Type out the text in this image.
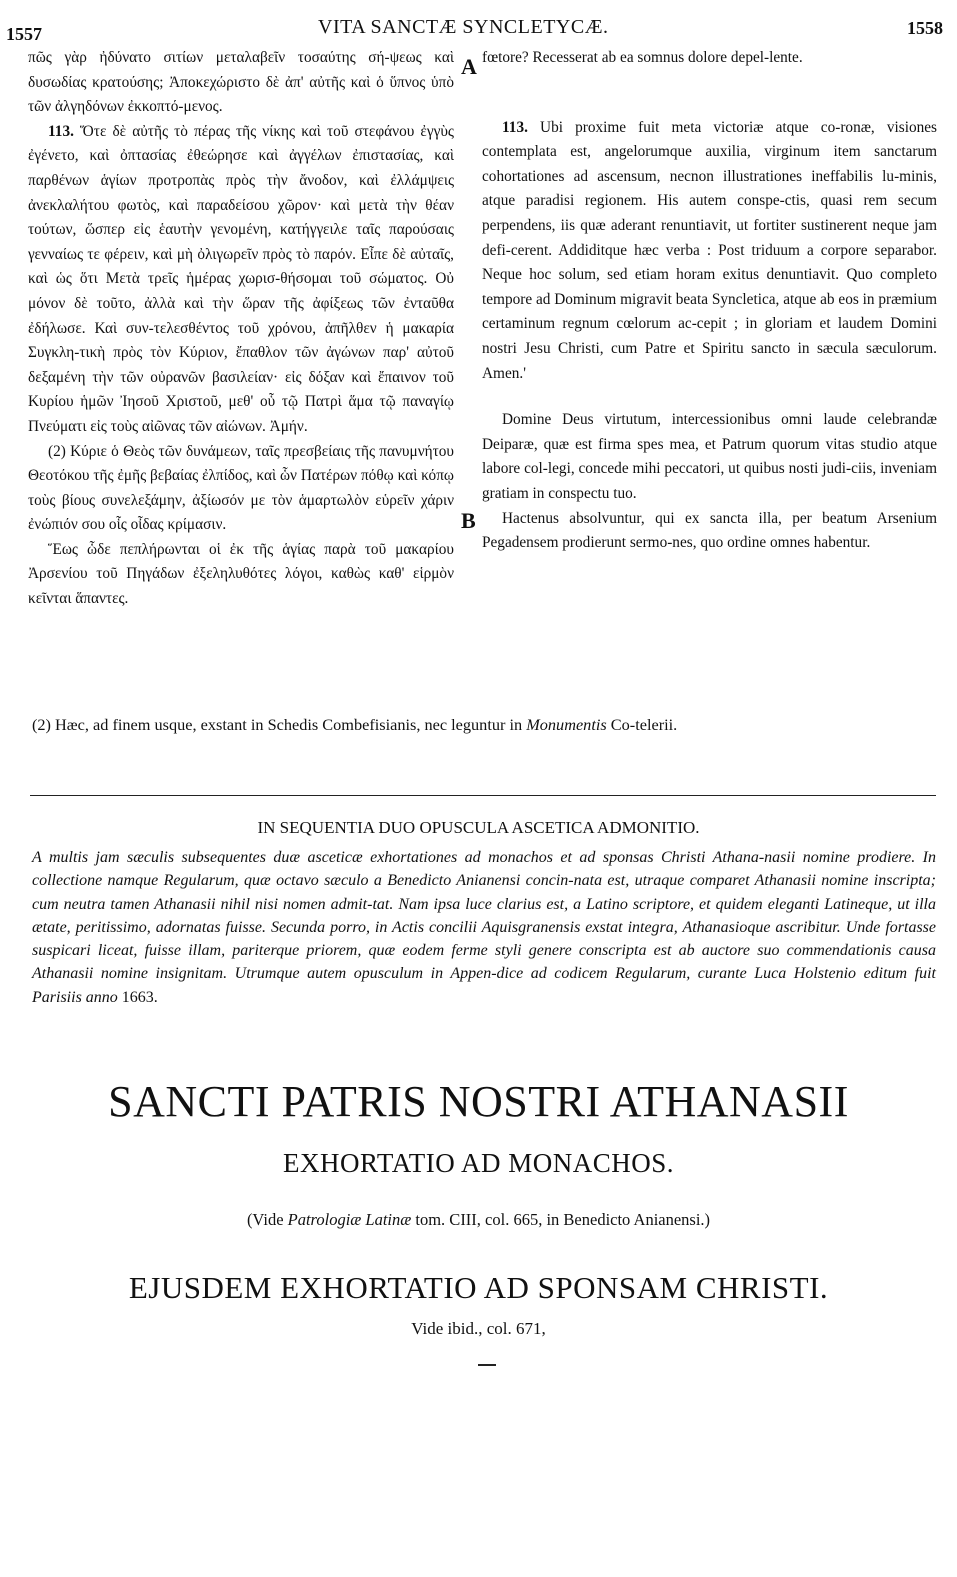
1557	VITA SANCTÆ SYNCLETYCÆ.	1558
A
B

πῶς γὰρ ἠδύνατο σιτίων μεταλαβεῖν τοσαύτης σή-ψεως καὶ δυσωδίας κρατούσης; Ἀποκεχώριστο δὲ ἀπ' αὐτῆς καὶ ὁ ὕπνος ὑπὸ τῶν ἀλγηδόνων ἐκκοπτό-μενος.

113. Ὅτε δὲ αὐτῆς τὸ πέρας τῆς νίκης καὶ τοῦ στεφάνου ἐγγὺς ἐγένετο, καὶ ὀπτασίας ἐθεώρησε καὶ ἀγγέλων ἐπιστασίας, καὶ παρθένων ἁγίων προτροπὰς πρὸς τὴν ἄνοδον, καὶ ἐλλάμψεις ἀνεκλαλήτου φωτὸς, καὶ παραδείσου χῶρον· καὶ μετὰ τὴν θέαν τούτων, ὥσπερ εἰς ἑαυτὴν γενομένη, κατήγγειλε ταῖς παρούσαις γενναίως τε φέρειν, καὶ μὴ ὀλιγωρεῖν πρὸς τὸ παρόν. Εἶπε δὲ αὐταῖς, καὶ ὡς ὅτι Μετὰ τρεῖς ἡμέρας χωρισ-θήσομαι τοῦ σώματος. Οὐ μόνον δὲ τοῦτο, ἀλλὰ καὶ τὴν ὥραν τῆς ἀφίξεως τῶν ἐνταῦθα ἐδήλωσε. Καὶ συν-τελεσθέντος τοῦ χρόνου, ἀπῆλθεν ἡ μακαρία Συγκλη-τικὴ πρὸς τὸν Κύριον, ἔπαθλον τῶν ἀγώνων παρ' αὐτοῦ δεξαμένη τὴν τῶν οὐρανῶν βασιλείαν· εἰς δόξαν καὶ ἔπαινον τοῦ Κυρίου ἡμῶν Ἰησοῦ Χριστοῦ, μεθ' οὗ τῷ Πατρὶ ἅμα τῷ παναγίῳ Πνεύματι εἰς τοὺς αἰῶνας τῶν αἰώνων. Ἀμήν.

(2) Κύριε ὁ Θεὸς τῶν δυνάμεων, ταῖς πρεσβείαις τῆς πανυμνήτου Θεοτόκου τῆς ἐμῆς βεβαίας ἐλπίδος, καὶ ὧν Πατέρων πόθῳ καὶ κόπῳ τοὺς βίους συνελεξάμην, ἀξίωσόν με τὸν ἁμαρτωλὸν εὑρεῖν χάριν ἐνώπιόν σου οἷς οἶδας κρίμασιν.

Ἕως ὧδε πεπλήρωνται οἱ ἐκ τῆς ἁγίας παρὰ τοῦ μακαρίου Ἀρσενίου τοῦ Πηγάδων ἐξεληλυθότες λόγοι, καθὼς καθ' εἱρμὸν κεῖνται ἅπαντες.

fœtore? Recesserat ab ea somnus dolore depel-lente.

113. Ubi proxime fuit meta victoriæ atque co-ronæ, visiones contemplata est, angelorumque auxilia, virginum item sanctarum cohortationes ad ascensum, necnon illustrationes ineffabilis lu-minis, atque paradisi regionem. His autem conspe-ctis, quasi rem secum perpendens, iis quæ aderant renuntiavit, ut fortiter sustinerent neque jam defi-cerent. Addiditque hæc verba : Post triduum a corpore separabor. Neque hoc solum, sed etiam horam exitus denuntiavit. Quo completo tempore ad Dominum migravit beata Syncletica, atque ab eos in præmium certaminum regnum cœlorum ac-cepit ; in gloriam et laudem Domini nostri Jesu Christi, cum Patre et Spiritu sancto in sæcula sæculorum. Amen.'

Domine Deus virtutum, intercessionibus omni laude celebrandæ Deiparæ, quæ est firma spes mea, et Patrum quorum vitas studio atque labore col-legi, concede mihi peccatori, ut quibus nosti judi-ciis, inveniam gratiam in conspectu tuo.

Hactenus absolvuntur, qui ex sancta illa, per beatum Arsenium Pegadensem prodierunt sermo-nes, quo ordine omnes habentur.

(2) Hæc, ad finem usque, exstant in Schedis Combefisianis, nec leguntur in Monumentis Co-telerii.
IN SEQUENTIA DUO OPUSCULA ASCETICA ADMONITIO.
A multis jam sæculis subsequentes duæ asceticæ exhortationes ad monachos et ad sponsas Christi Athana-nasii nomine prodiere. In collectione namque Regularum, quæ octavo sæculo a Benedicto Anianensi concin-nata est, utraque comparet Athanasii nomine inscripta; cum neutra tamen Athanasii nihil nisi nomen admit-tat. Nam ipsa luce clarius est, a Latino scriptore, et quidem eleganti Latineque, ut illa ætate, peritissimo, adornatas fuisse. Secunda porro, in Actis concilii Aquisgranensis exstat integra, Athanasioque ascribitur. Unde fortasse suspicari liceat, fuisse illam, pariterque priorem, quæ eodem ferme styli genere conscripta est ab auctore suo commendationis causa Athanasii nomine insignitam. Utrumque autem opusculum in Appen-dice ad codicem Regularum, curante Luca Holstenio editum fuit Parisiis anno 1663.
SANCTI PATRIS NOSTRI ATHANASII
EXHORTATIO AD MONACHOS.
(Vide Patrologiæ Latinæ tom. CIII, col. 665, in Benedicto Anianensi.)
EJUSDEM EXHORTATIO AD SPONSAM CHRISTI.
Vide ibid., col. 671,
